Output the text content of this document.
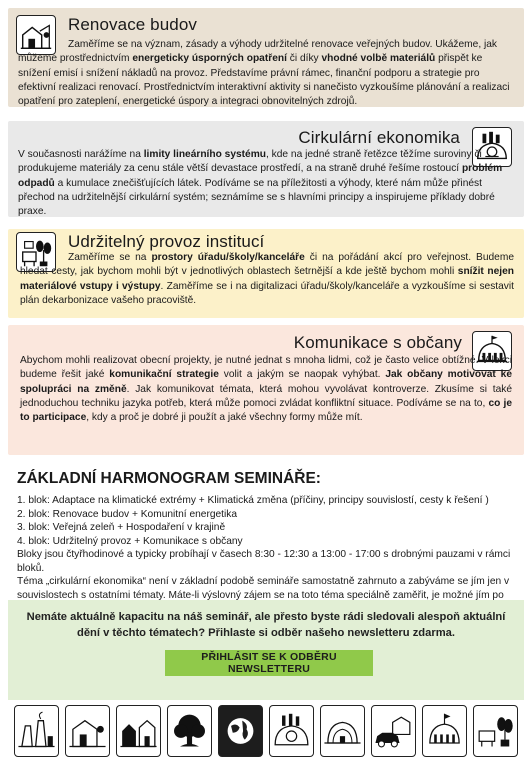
Renovace budov

Zaměříme se na význam, zásady a výhody udržitelné renovace veřejných budov. Ukážeme, jak můžeme prostřednictvím energeticky úsporných opatření či díky vhodné volbě materiálů přispět ke snížení emisí i snížení nákladů na provoz. Představíme právní rámec, finanční podporu a strategie pro efektivní realizaci renovací. Prostřednictvím interaktivní aktivity si nanečisto vyzkoušíme plánování a realizaci opatření pro zateplení, energetické úspory a integraci obnovitelných zdrojů.

Cirkulární ekonomika

V současnosti narážíme na limity lineárního systému, kde na jedné straně řetězce těžíme suroviny či produkujeme materiály za cenu stále větší devastace prostředí, a na straně druhé řešíme rostoucí problém odpadů a kumulace znečišťujících látek. Podíváme se na příležitosti a výhody, které nám může přinést přechod na udržitelnější cirkulární systém; seznámíme se s hlavními principy a inspirujeme příklady dobré praxe.

Udržitelný provoz institucí

Zaměříme se na prostory úřadu/školy/kanceláře či na pořádání akcí pro veřejnost. Budeme hledat cesty, jak bychom mohli být v jednotlivých oblastech šetrnější a kde ještě bychom mohli snížit nejen materiálové vstupy i výstupy. Zaměříme se i na digitalizaci úřadu/školy/kanceláře a vyzkoušíme si sestavit plán dekarbonizace vašeho pracoviště.

Komunikace s občany

Abychom mohli realizovat obecní projekty, je nutné jednat s mnoha lidmi, což je často velice obtížné. V lekci budeme řešit jaké komunikační strategie volit a jakým se naopak vyhýbat. Jak občany motivovat ke spolupráci na změně. Jak komunikovat témata, která mohou vyvolávat kontroverze. Zkusíme si také jednoduchou techniku jazyka potřeb, která může pomoci zvládat konfliktní situace. Podíváme se na to, co je to participace, kdy a proč je dobré ji použít a jaké všechny formy může mít.

ZÁKLADNÍ HARMONOGRAM SEMINÁŘE:
1. blok: Adaptace na klimatické extrémy + Klimatická změna (příčiny, principy souvislostí, cesty k řešení )
2. blok: Renovace budov + Komunitní energetika
3. blok: Veřejná zeleň + Hospodaření v krajině
4. blok: Udržitelný provoz + Komunikace s občany
Bloky jsou čtyřhodinové a typicky probíhají v časech 8:30 - 12:30 a 13:00 - 17:00 s drobnými pauzami v rámci bloků.
Téma „cirkulární ekonomika“ není v základní podobě semináře samostatně zahrnuto a zabýváme se jím jen v souvislostech s ostatními tématy. Máte-li výslovný zájem se na toto téma speciálně zaměřit, je možné jím po
Nemáte aktuálně kapacitu na náš seminář, ale přesto byste rádi sledovali alespoň aktuální dění v těchto tématech? Přihlaste si odběr našeho newsletteru zdarma.
PŘIHLÁSIT SE K ODBĚRU NEWSLETTERU
